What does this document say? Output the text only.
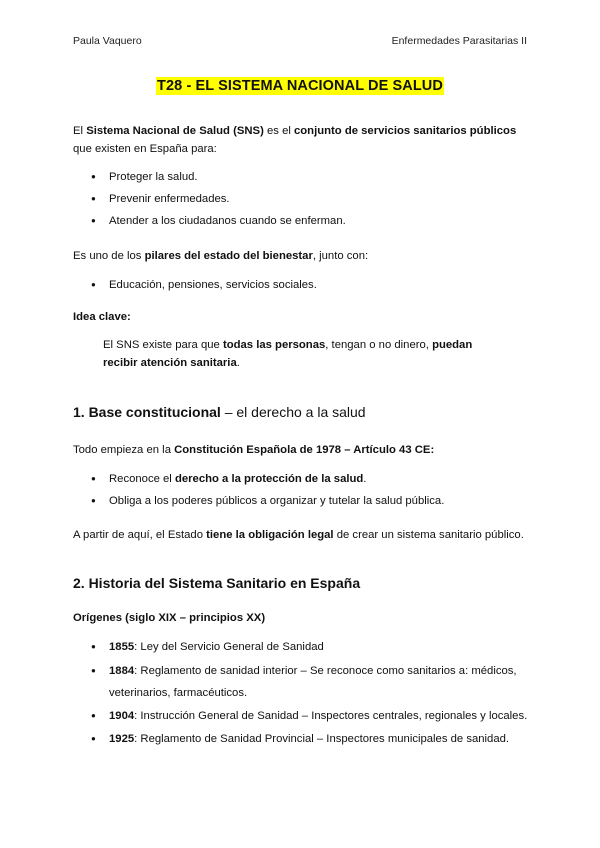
Paula Vaquero	Enfermedades Parasitarias II
T28 - EL SISTEMA NACIONAL DE SALUD
El Sistema Nacional de Salud (SNS) es el conjunto de servicios sanitarios públicos que existen en España para:
● Proteger la salud.
● Prevenir enfermedades.
● Atender a los ciudadanos cuando se enferman.
Es uno de los pilares del estado del bienestar, junto con:
● Educación, pensiones, servicios sociales.
Idea clave:
El SNS existe para que todas las personas, tengan o no dinero, puedan recibir atención sanitaria.
1. Base constitucional – el derecho a la salud
Todo empieza en la Constitución Española de 1978 – Artículo 43 CE:
● Reconoce el derecho a la protección de la salud.
● Obliga a los poderes públicos a organizar y tutelar la salud pública.
A partir de aquí, el Estado tiene la obligación legal de crear un sistema sanitario público.
2. Historia del Sistema Sanitario en España
Orígenes (siglo XIX – principios XX)
● 1855: Ley del Servicio General de Sanidad
● 1884: Reglamento de sanidad interior – Se reconoce como sanitarios a: médicos, veterinarios, farmacéuticos.
● 1904: Instrucción General de Sanidad – Inspectores centrales, regionales y locales.
● 1925: Reglamento de Sanidad Provincial – Inspectores municipales de sanidad.
